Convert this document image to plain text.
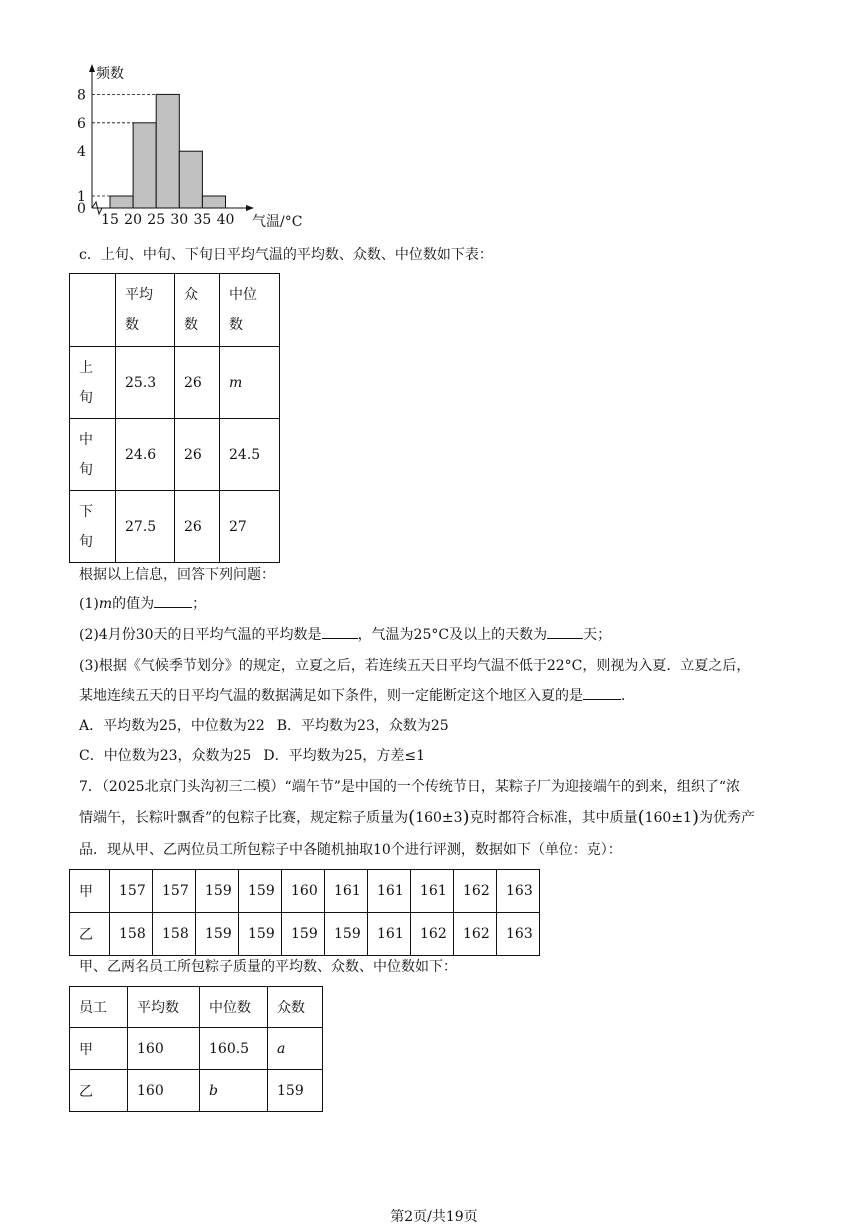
频数
气温/°C
0
1
4
6
8
15 20 25 30 35 40
c．上旬、中旬、下旬日平均气温的平均数、众数、中位数如下表：
	平均数	众数	中位数
上旬	25.3	26	m
中旬	24.6	26	24.5
下旬	27.5	26	27
根据以上信息，回答下列问题：
(1)m的值为	；
(2)4月份30天的日平均气温的平均数是	，气温为25°C及以上的天数为	天；
(3)根据《气候季节划分》的规定，立夏之后，若连续五天日平均气温不低于22°C，则视为入夏．立夏之后，
某地连续五天的日平均气温的数据满足如下条件，则一定能断定这个地区入夏的是	．
A．平均数为25，中位数为22 B．平均数为23，众数为25
C．中位数为23，众数为25 D．平均数为25，方差≤1
7．（2025北京门头沟初三二模）“端午节”是中国的一个传统节日，某粽子厂为迎接端午的到来，组织了“浓
情端午，长粽叶飘香”的包粽子比赛，规定粽子质量为(160±3)克时都符合标准，其中质量(160±1)为优秀产
品．现从甲、乙两位员工所包粽子中各随机抽取10个进行评测，数据如下（单位：克）：
甲	157	157	159	159	160	161	161	161	162	163
乙	158	158	159	159	159	159	161	162	162	163
甲、乙两名员工所包粽子质量的平均数、众数、中位数如下：
员工	平均数	中位数	众数
甲	160	160.5	a
乙	160	b	159
第2页/共19页
